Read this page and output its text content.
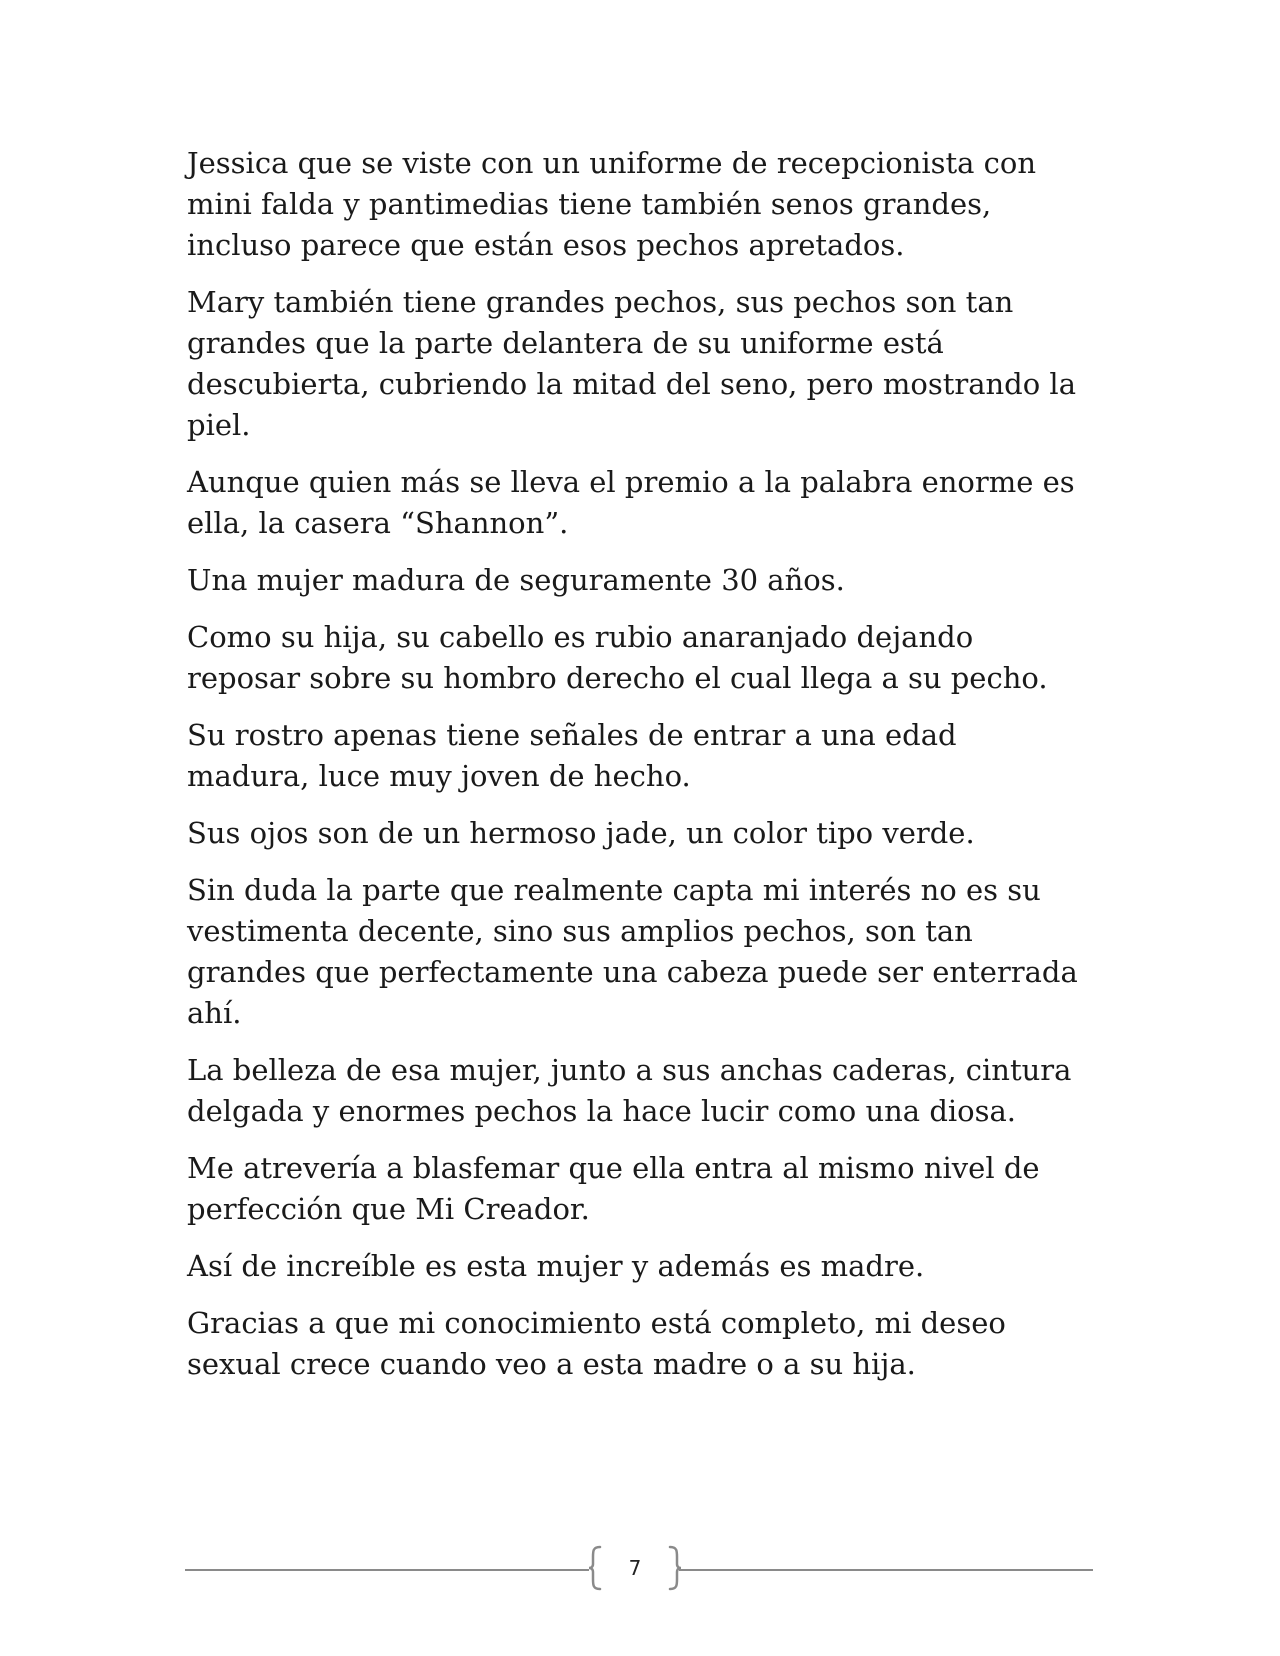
Jessica que se viste con un uniforme de recepcionista con mini falda y pantimedias tiene también senos grandes, incluso parece que están esos pechos apretados.

Mary también tiene grandes pechos, sus pechos son tan grandes que la parte delantera de su uniforme está descubierta, cubriendo la mitad del seno, pero mostrando la piel.

Aunque quien más se lleva el premio a la palabra enorme es ella, la casera “Shannon”.

Una mujer madura de seguramente 30 años.

Como su hija, su cabello es rubio anaranjado dejando reposar sobre su hombro derecho el cual llega a su pecho.

Su rostro apenas tiene señales de entrar a una edad madura, luce muy joven de hecho.

Sus ojos son de un hermoso jade, un color tipo verde.

Sin duda la parte que realmente capta mi interés no es su vestimenta decente, sino sus amplios pechos, son tan grandes que perfectamente una cabeza puede ser enterrada ahí.

La belleza de esa mujer, junto a sus anchas caderas, cintura delgada y enormes pechos la hace lucir como una diosa.

Me atrevería a blasfemar que ella entra al mismo nivel de perfección que Mi Creador.

Así de increíble es esta mujer y además es madre.

Gracias a que mi conocimiento está completo, mi deseo sexual crece cuando veo a esta madre o a su hija.

7
